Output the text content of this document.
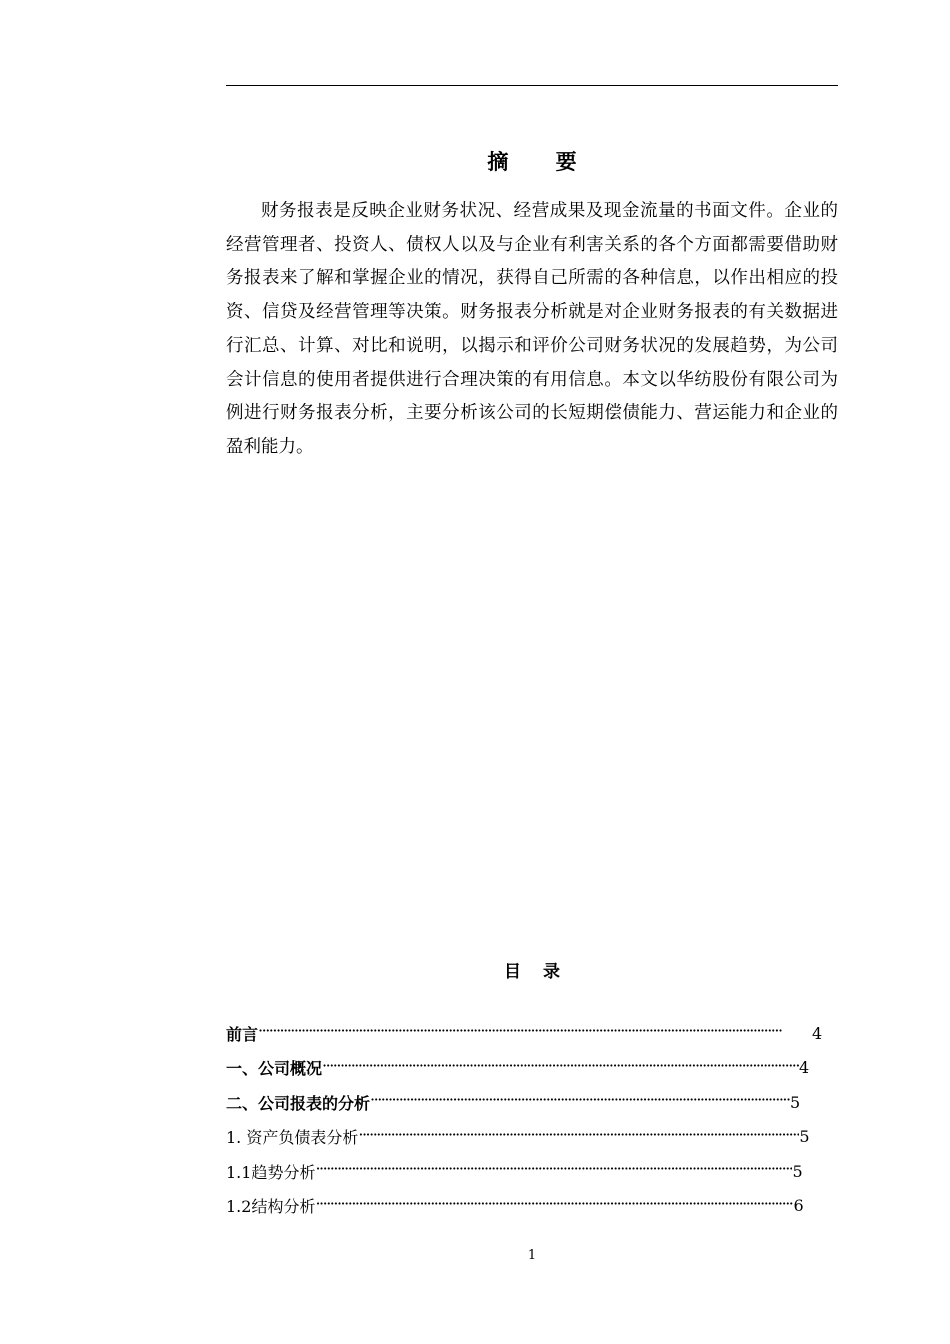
摘 要

财务报表是反映企业财务状况、经营成果及现金流量的书面文件。企业的经营管理者、投资人、债权人以及与企业有利害关系的各个方面都需要借助财务报表来了解和掌握企业的情况，获得自己所需的各种信息，以作出相应的投资、信贷及经营管理等决策。财务报表分析就是对企业财务报表的有关数据进行汇总、计算、对比和说明，以揭示和评价公司财务状况的发展趋势，为公司会计信息的使用者提供进行合理决策的有用信息。本文以华纺股份有限公司为例进行财务报表分析，主要分析该公司的长短期偿债能力、营运能力和企业的盈利能力。

目 录
前言 ·····	4
一、公司概况 ·····	4
二、公司报表的分析 ·····	5
1. 资产负债表分析 ·····	5
1.1趋势分析 ·····	5
1.2结构分析 ·····	6
1
